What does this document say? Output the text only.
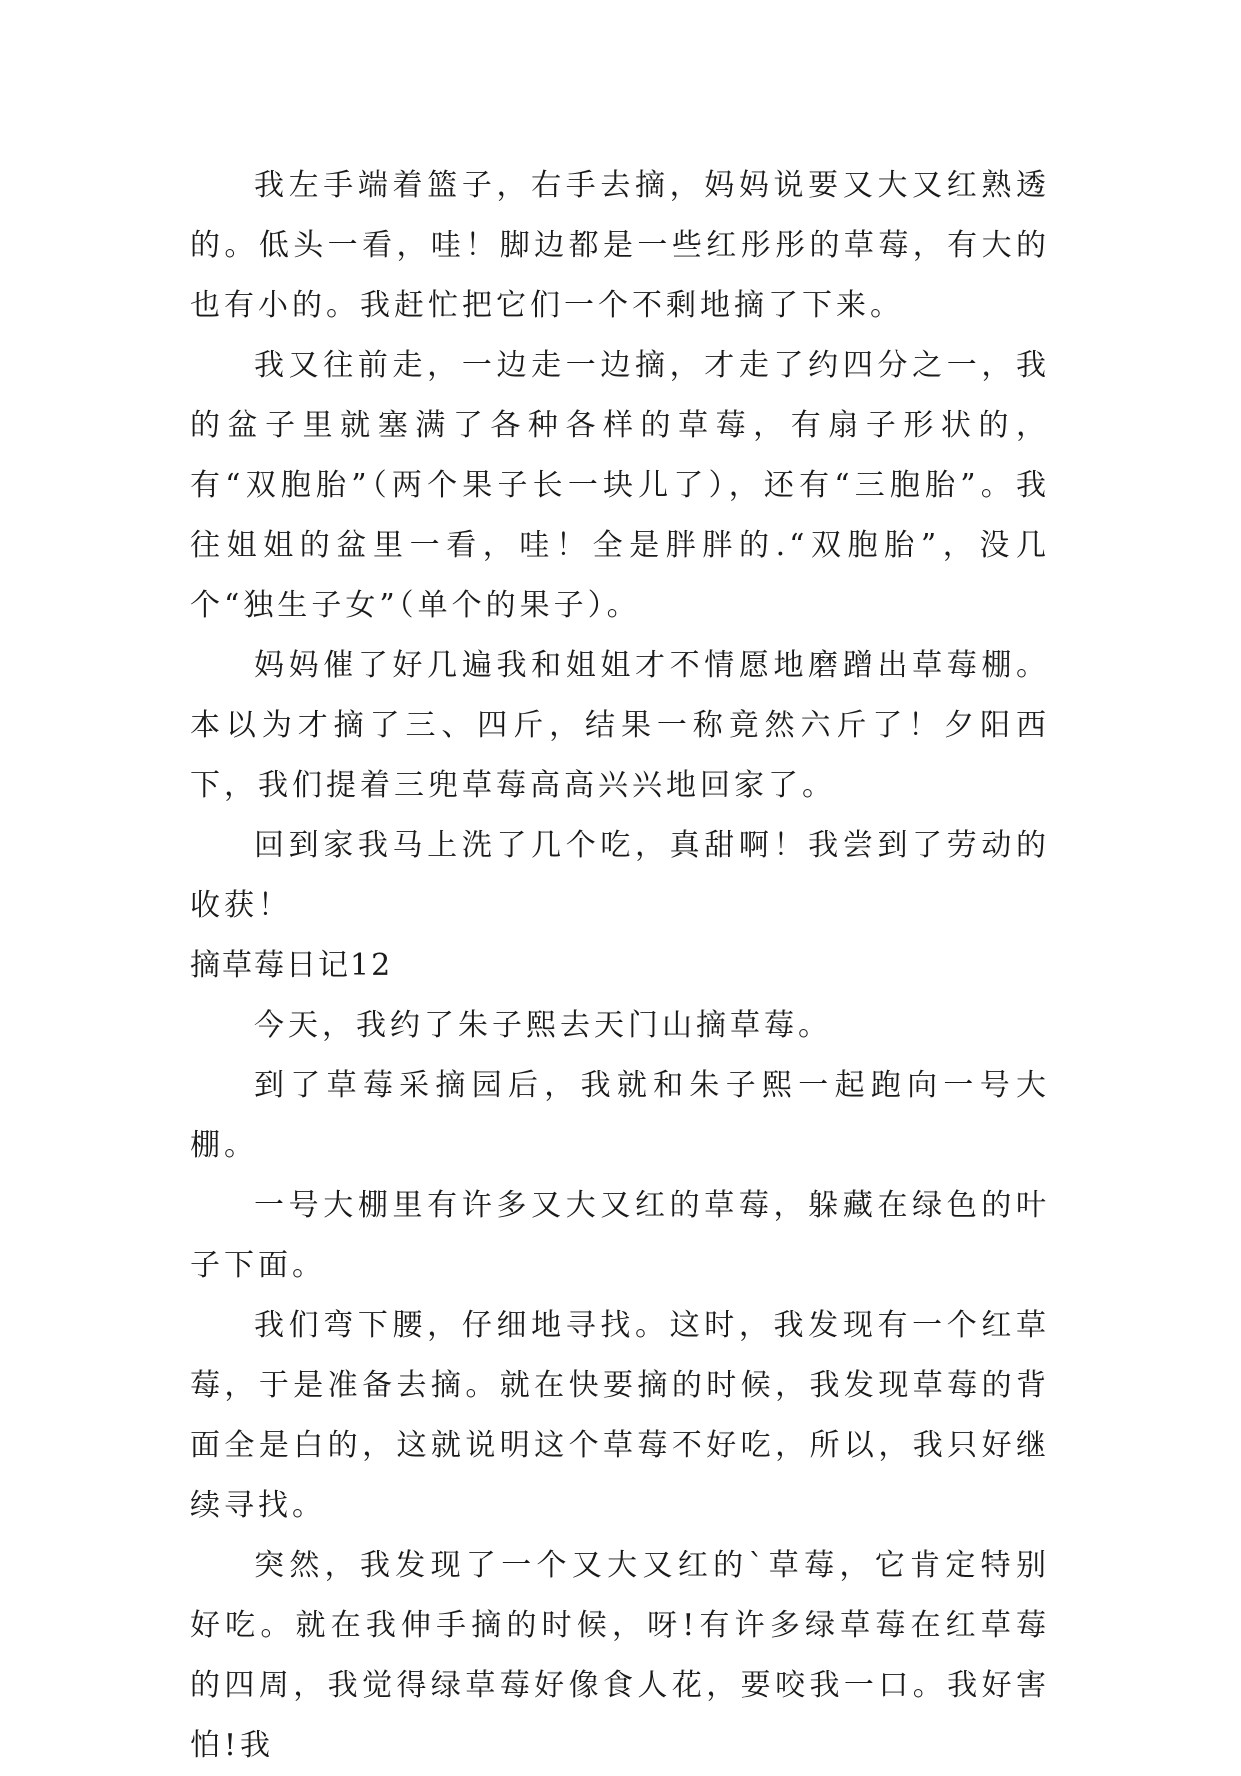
我左手端着篮子，右手去摘，妈妈说要又大又红熟透的。低头一看，哇！脚边都是一些红彤彤的草莓，有大的也有小的。我赶忙把它们一个不剩地摘了下来。

我又往前走，一边走一边摘，才走了约四分之一，我的盆子里就塞满了各种各样的草莓，有扇子形状的，有“双胞胎”（两个果子长一块儿了），还有“三胞胎”。我往姐姐的盆里一看，哇！全是胖胖的.“双胞胎”，没几个“独生子女”（单个的果子）。

妈妈催了好几遍我和姐姐才不情愿地磨蹭出草莓棚。本以为才摘了三、四斤，结果一称竟然六斤了！夕阳西下，我们提着三兜草莓高高兴兴地回家了。

回到家我马上洗了几个吃，真甜啊！我尝到了劳动的收获！

摘草莓日记12

今天，我约了朱子熙去天门山摘草莓。

到了草莓采摘园后，我就和朱子熙一起跑向一号大棚。

一号大棚里有许多又大又红的草莓，躲藏在绿色的叶子下面。

我们弯下腰，仔细地寻找。这时，我发现有一个红草莓，于是准备去摘。就在快要摘的时候，我发现草莓的背面全是白的，这就说明这个草莓不好吃，所以，我只好继续寻找。

突然，我发现了一个又大又红的`草莓，它肯定特别好吃。就在我伸手摘的时候，呀!有许多绿草莓在红草莓的四周，我觉得绿草莓好像食人花，要咬我一口。我好害怕!我
